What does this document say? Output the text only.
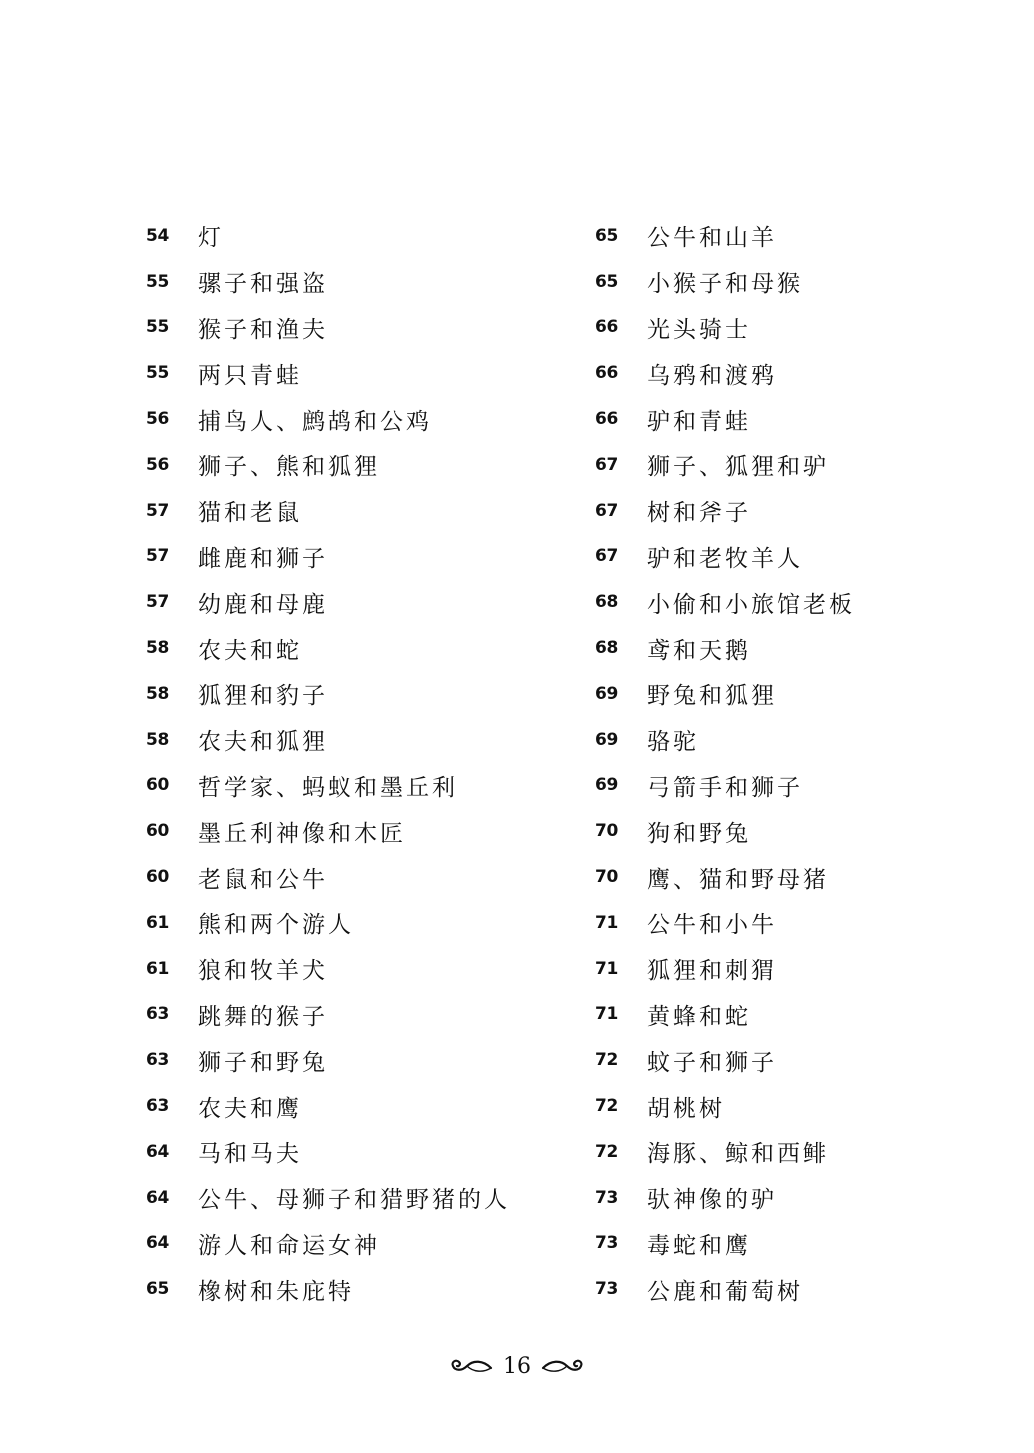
54	灯
55	骡子和强盗
55	猴子和渔夫
55	两只青蛙
56	捕鸟人、鹧鸪和公鸡
56	狮子、熊和狐狸
57	猫和老鼠
57	雌鹿和狮子
57	幼鹿和母鹿
58	农夫和蛇
58	狐狸和豹子
58	农夫和狐狸
60	哲学家、蚂蚁和墨丘利
60	墨丘利神像和木匠
60	老鼠和公牛
61	熊和两个游人
61	狼和牧羊犬
63	跳舞的猴子
63	狮子和野兔
63	农夫和鹰
64	马和马夫
64	公牛、母狮子和猎野猪的人
64	游人和命运女神
65	橡树和朱庇特
65	公牛和山羊
65	小猴子和母猴
66	光头骑士
66	乌鸦和渡鸦
66	驴和青蛙
67	狮子、狐狸和驴
67	树和斧子
67	驴和老牧羊人
68	小偷和小旅馆老板
68	鸢和天鹅
69	野兔和狐狸
69	骆驼
69	弓箭手和狮子
70	狗和野兔
70	鹰、猫和野母猪
71	公牛和小牛
71	狐狸和刺猬
71	黄蜂和蛇
72	蚊子和狮子
72	胡桃树
72	海豚、鲸和西鲱
73	驮神像的驴
73	毒蛇和鹰
73	公鹿和葡萄树
16
